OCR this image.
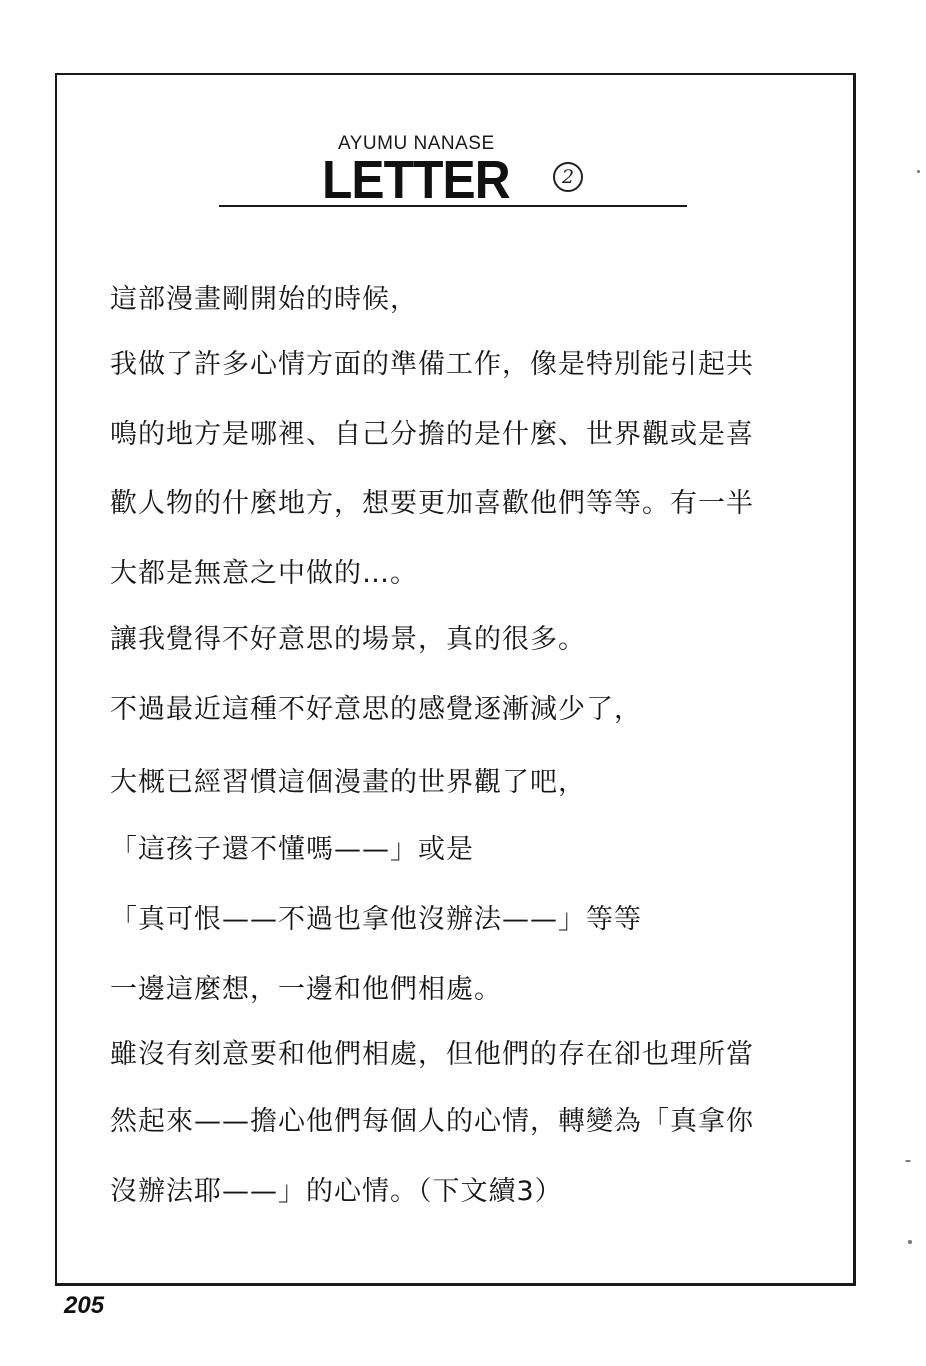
AYUMU NANASE
LETTER	2
這部漫畫剛開始的時候，
我做了許多心情方面的準備工作，像是特別能引起共
鳴的地方是哪裡、自己分擔的是什麼、世界觀或是喜
歡人物的什麼地方，想要更加喜歡他們等等。有一半
大都是無意之中做的…。
讓我覺得不好意思的場景，真的很多。
不過最近這種不好意思的感覺逐漸減少了，
大概已經習慣這個漫畫的世界觀了吧，
「這孩子還不懂嗎——」或是
「真可恨——不過也拿他沒辦法——」等等
一邊這麼想，一邊和他們相處。
雖沒有刻意要和他們相處，但他們的存在卻也理所當
然起來——擔心他們每個人的心情，轉變為「真拿你
沒辦法耶——」的心情。（下文續3）
205
